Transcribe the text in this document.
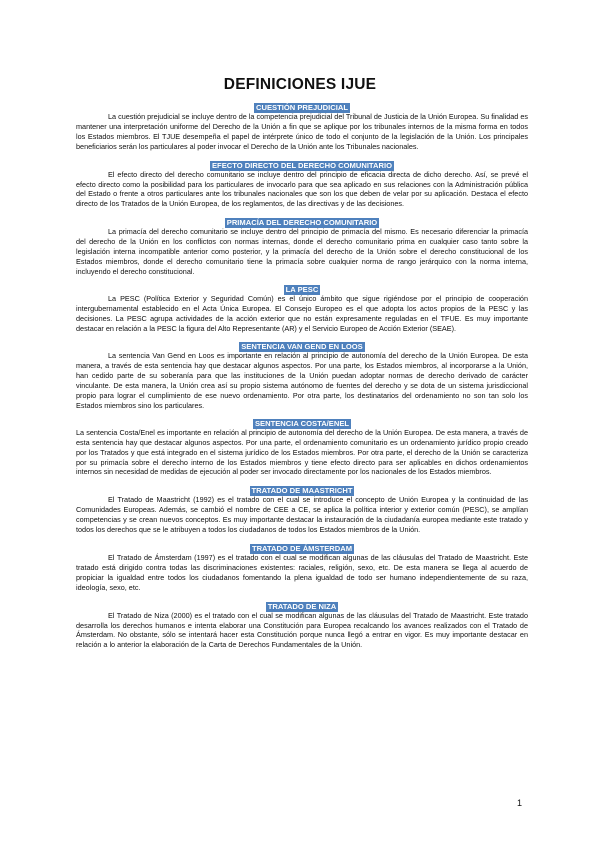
DEFINICIONES IJUE
CUESTIÓN PREJUDICIAL

La cuestión prejudicial se incluye dentro de la competencia prejudicial del Tribunal de Justicia de la Unión Europea. Su finalidad es mantener una interpretación uniforme del Derecho de la Unión a fin que se aplique por los tribunales internos de la misma forma en todos los Estados miembros. El TJUE desempeña el papel de intérprete único de todo el conjunto de la legislación de la Unión. Los principales beneficiarios serán los particulares al poder invocar el Derecho de la Unión ante los Tribunales nacionales.

EFECTO DIRECTO DEL DERECHO COMUNITARIO

El efecto directo del derecho comunitario se incluye dentro del principio de eficacia directa de dicho derecho. Así, se prevé el efecto directo como la posibilidad para los particulares de invocarlo para que sea aplicado en sus relaciones con la Administración pública del Estado o frente a otros particulares ante los tribunales nacionales que son los que deben de velar por su aplicación. Destaca el efecto directo de los Tratados de la Unión Europea, de los reglamentos, de las directivas y de las decisiones.

PRIMACÍA DEL DERECHO COMUNITARIO

La primacía del derecho comunitario se incluye dentro del principio de primacía del mismo. Es necesario diferenciar la primacía del derecho de la Unión en los conflictos con normas internas, donde el derecho comunitario prima en cualquier caso tanto sobre la legislación interna incompatible anterior como posterior, y la primacía del derecho de la Unión sobre el derecho constitucional de los Estados miembros, donde el derecho comunitario tiene la primacía sobre cualquier norma de rango jerárquico con la norma interna, incluyendo el derecho constitucional.

LA PESC

La PESC (Política Exterior y Seguridad Común) es el único ámbito que sigue rigiéndose por el principio de cooperación intergubernamental establecido en el Acta Única Europea. El Consejo Europeo es el que adopta los actos propios de la PESC y las decisiones. La PESC agrupa actividades de la acción exterior que no están expresamente reguladas en el TFUE. Es muy importante destacar en relación a la PESC la figura del Alto Representante (AR) y el Servicio Europeo de Acción Exterior (SEAE).

SENTENCIA VAN GEND EN LOOS

La sentencia Van Gend en Loos es importante en relación al principio de autonomía del derecho de la Unión Europea. De esta manera, a través de esta sentencia hay que destacar algunos aspectos. Por una parte, los Estados miembros, al incorporarse a la Unión, han cedido parte de su soberanía para que las instituciones de la Unión puedan adoptar normas de derecho derivado de carácter vinculante. De esta manera, la Unión crea así su propio sistema autónomo de fuentes del derecho y se dota de un sistema jurisdiccional propio para lograr el cumplimiento de ese nuevo ordenamiento. Por otra parte, los destinatarios del ordenamiento no son tan solo los Estados miembros sino los particulares.

SENTENCIA COSTA/ENEL

La sentencia Costa/Enel es importante en relación al principio de autonomía del derecho de la Unión Europea. De esta manera, a través de esta sentencia hay que destacar algunos aspectos. Por una parte, el ordenamiento comunitario es un ordenamiento jurídico propio creado por los Tratados y que está integrado en el sistema jurídico de los Estados miembros. Por otra parte, el derecho de la Unión se caracteriza por su primacía sobre el derecho interno de los Estados miembros y tiene efecto directo para ser aplicables en dichos ordenamientos internos sin necesidad de medidas de ejecución al poder ser invocado directamente por los nacionales de los Estados miembros.

TRATADO DE MAASTRICHT

El Tratado de Maastricht (1992) es el tratado con el cual se introduce el concepto de Unión Europea y la continuidad de las Comunidades Europeas. Además, se cambió el nombre de CEE a CE, se aplica la política interior y exterior común (PESC), se amplían competencias y se crean nuevos conceptos. Es muy importante destacar la instauración de la ciudadanía europea mediante este tratado y todos los derechos que se le atribuyen a todos los ciudadanos de todos los Estados miembros de la Unión.

TRATADO DE ÁMSTERDAM

El Tratado de Ámsterdam (1997) es el tratado con el cual se modifican algunas de las cláusulas del Tratado de Maastricht. Este tratado está dirigido contra todas las discriminaciones existentes: raciales, religión, sexo, etc. De esta manera se llega al acuerdo de propiciar la igualdad entre todos los ciudadanos fomentando la plena igualdad de todo ser humano independientemente de su raza, ideología, sexo, etc.

TRATADO DE NIZA

El Tratado de Niza (2000) es el tratado con el cual se modifican algunas de las cláusulas del Tratado de Maastricht. Este tratado desarrolla los derechos humanos e intenta elaborar una Constitución para Europea recalcando los avances realizados con el Tratado de Ámsterdam. No obstante, sólo se intentará hacer esta Constitución porque nunca llegó a entrar en vigor. Es muy importante destacar en relación a lo anterior la elaboración de la Carta de Derechos Fundamentales de la Unión.

1
